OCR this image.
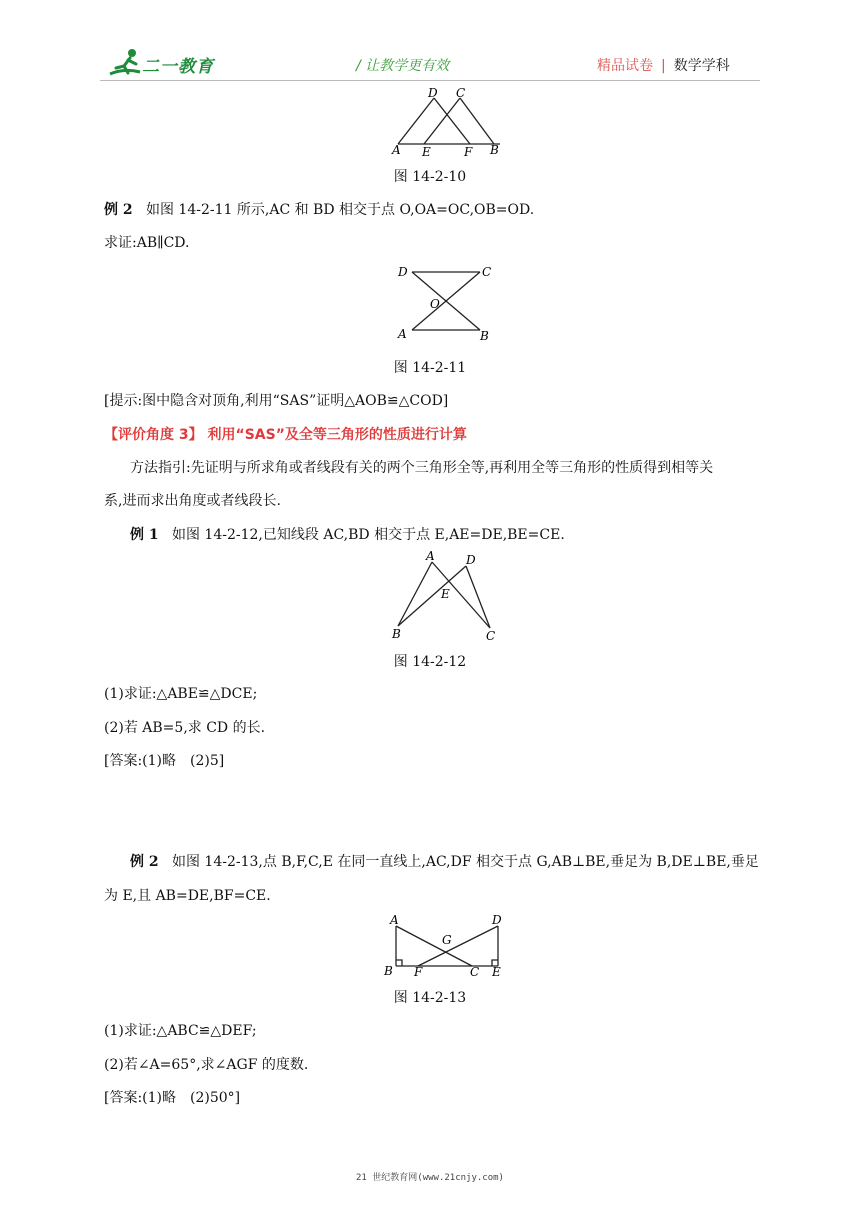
二一教育	/ 让教学更有效	精品试卷 | 数学学科
D C
A E	F B
图 14-2-10
例 2 如图 14-2-11 所示,AC 和 BD 相交于点 O,OA=OC,OB=OD.
求证:AB∥CD.
D	C
O
A	B
图 14-2-11
[提示:图中隐含对顶角,利用“SAS”证明△AOB≌△COD]
【评价角度 3】 利用“SAS”及全等三角形的性质进行计算
方法指引:先证明与所求角或者线段有关的两个三角形全等,再利用全等三角形的性质得到相等关
系,进而求出角度或者线段长.
例 1 如图 14-2-12,已知线段 AC,BD 相交于点 E,AE=DE,BE=CE.
A	D
E
B	C
图 14-2-12
(1)求证:△ABE≌△DCE;
(2)若 AB=5,求 CD 的长.
[答案:(1)略　(2)5]
例 2 如图 14-2-13,点 B,F,C,E 在同一直线上,AC,DF 相交于点 G,AB⊥BE,垂足为 B,DE⊥BE,垂足
为 E,且 AB=DE,BF=CE.
A	D
G
B F	C E
图 14-2-13
(1)求证:△ABC≌△DEF;
(2)若∠A=65°,求∠AGF 的度数.
[答案:(1)略　(2)50°]
21 世纪教育网(www.21cnjy.com)
